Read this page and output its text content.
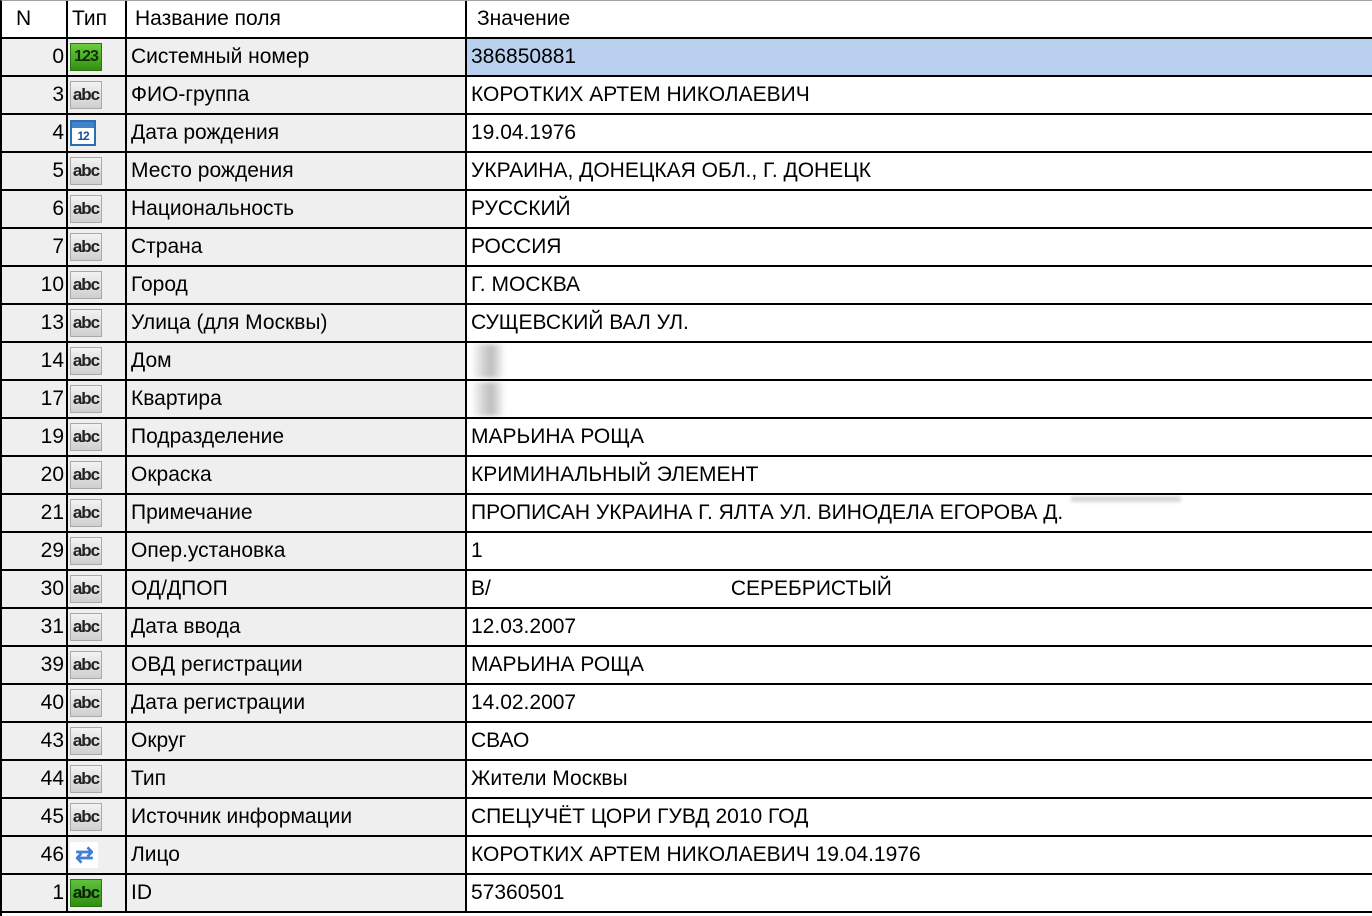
N Тип Название поля	Значение
0 123 Системный номер	386850881
3 abc ФИО-группа	КОРОТКИХ АРТЕМ НИКОЛАЕВИЧ
4	12	Дата рождения	19.04.1976
5 abc Место рождения	УКРАИНА, ДОНЕЦКАЯ ОБЛ., Г. ДОНЕЦК
6 abc Национальность	РУССКИЙ
7 abc Страна	РОССИЯ
10 abc Город	Г. МОСКВА
13 abc Улица (для Москвы)	СУЩЕВСКИЙ ВАЛ УЛ.
14 abc Дом
17 abc Квартира
19 abc Подразделение	МАРЬИНА РОЩА
20 abc Окраска	КРИМИНАЛЬНЫЙ ЭЛЕМЕНТ
21 abc Примечание	ПРОПИСАН УКРАИНА Г. ЯЛТА УЛ. ВИНОДЕЛА ЕГОРОВА Д.
29 abc Опер.установка	1
30 abc ОД/ДПОП	В/	СЕРЕБРИСТЫЙ
31 abc Дата ввода	12.03.2007
39 abc ОВД регистрации	МАРЬИНА РОЩА
40 abc Дата регистрации	14.02.2007
43 abc Округ	СВАО
44 abc Тип	Жители Москвы
45 abc Источник информации	СПЕЦУЧЁТ ЦОРИ ГУВД 2010 ГОД
46 ⇄ Лицо	КОРОТКИХ АРТЕМ НИКОЛАЕВИЧ 19.04.1976
1 abc ID	57360501
